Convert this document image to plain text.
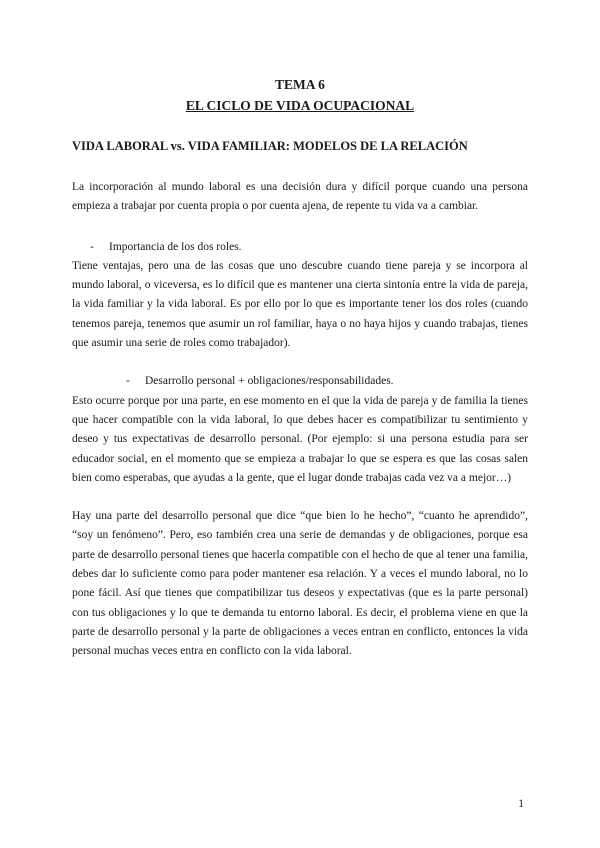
TEMA 6
EL CICLO DE VIDA OCUPACIONAL
VIDA LABORAL vs. VIDA FAMILIAR: MODELOS DE LA RELACIÓN

La incorporación al mundo laboral es una decisión dura y difícil porque cuando una persona empieza a trabajar por cuenta propia o por cuenta ajena, de repente tu vida va a cambiar.

- Importancia de los dos roles.

Tiene ventajas, pero una de las cosas que uno descubre cuando tiene pareja y se incorpora al mundo laboral, o viceversa, es lo difícil que es mantener una cierta sintonía entre la vida de pareja, la vida familiar y la vida laboral. Es por ello por lo que es importante tener los dos roles (cuando tenemos pareja, tenemos que asumir un rol familiar, haya o no haya hijos y cuando trabajas, tienes que asumir una serie de roles como trabajador).

- Desarrollo personal + obligaciones/responsabilidades.

Esto ocurre porque por una parte, en ese momento en el que la vida de pareja y de familia la tienes que hacer compatible con la vida laboral, lo que debes hacer es compatibilizar tu sentimiento y deseo y tus expectativas de desarrollo personal. (Por ejemplo: si una persona estudia para ser educador social, en el momento que se empieza a trabajar lo que se espera es que las cosas salen bien como esperabas, que ayudas a la gente, que el lugar donde trabajas cada vez va a mejor…)

Hay una parte del desarrollo personal que dice “que bien lo he hecho”, “cuanto he aprendido”, “soy un fenómeno”. Pero, eso también crea una serie de demandas y de obligaciones, porque esa parte de desarrollo personal tienes que hacerla compatible con el hecho de que al tener una familia, debes dar lo suficiente como para poder mantener esa relación. Y a veces el mundo laboral, no lo pone fácil. Así que tienes que compatibilizar tus deseos y expectativas (que es la parte personal) con tus obligaciones y lo que te demanda tu entorno laboral. Es decir, el problema viene en que la parte de desarrollo personal y la parte de obligaciones a veces entran en conflicto, entonces la vida personal muchas veces entra en conflicto con la vida laboral.

1
